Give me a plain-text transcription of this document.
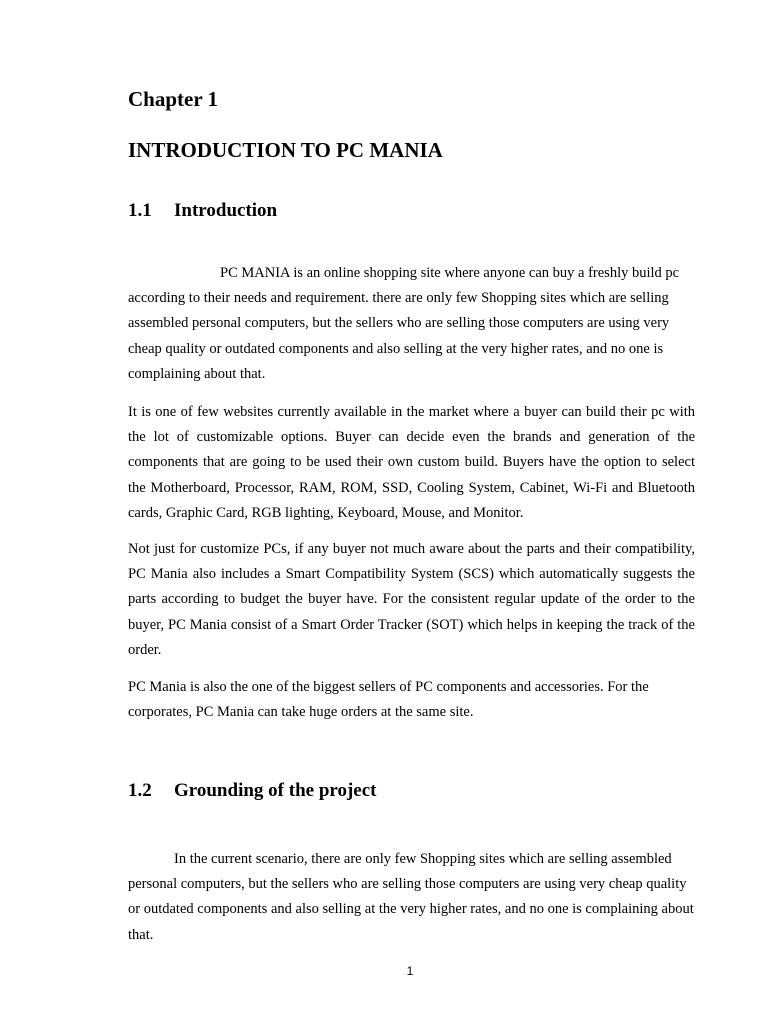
Chapter 1
INTRODUCTION TO PC MANIA
1.1 Introduction

PC MANIA is an online shopping site where anyone can buy a freshly build pc according to their needs and requirement. there are only few Shopping sites which are selling assembled personal computers, but the sellers who are selling those computers are using very cheap quality or outdated components and also selling at the very higher rates, and no one is complaining about that.

It is one of few websites currently available in the market where a buyer can build their pc with the lot of customizable options. Buyer can decide even the brands and generation of the components that are going to be used their own custom build. Buyers have the option to select the Motherboard, Processor, RAM, ROM, SSD, Cooling System, Cabinet, Wi-Fi and Bluetooth cards, Graphic Card, RGB lighting, Keyboard, Mouse, and Monitor.

Not just for customize PCs, if any buyer not much aware about the parts and their compatibility, PC Mania also includes a Smart Compatibility System (SCS) which automatically suggests the parts according to budget the buyer have. For the consistent regular update of the order to the buyer, PC Mania consist of a Smart Order Tracker (SOT) which helps in keeping the track of the order.

PC Mania is also the one of the biggest sellers of PC components and accessories. For the corporates, PC Mania can take huge orders at the same site.

1.2 Grounding of the project

In the current scenario, there are only few Shopping sites which are selling assembled personal computers, but the sellers who are selling those computers are using very cheap quality or outdated components and also selling at the very higher rates, and no one is complaining about that.

1
